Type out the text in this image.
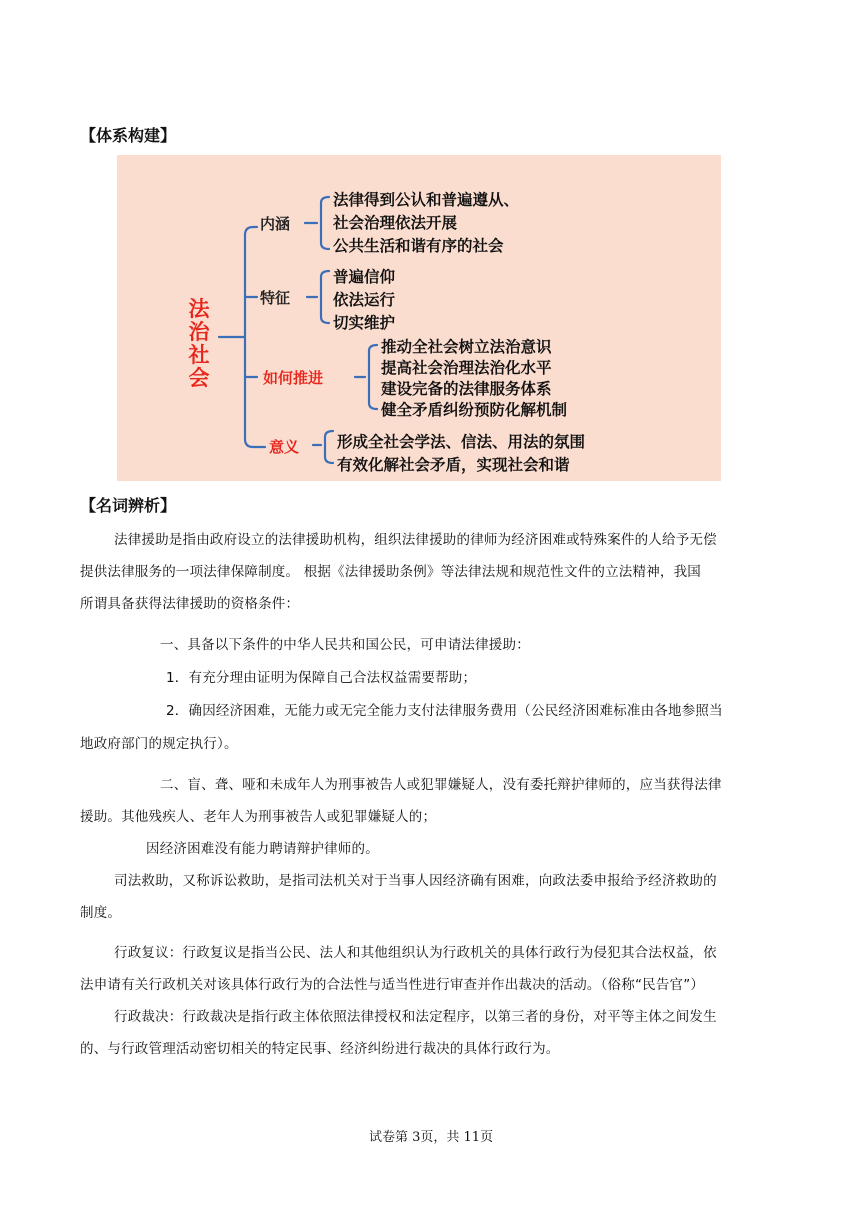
【体系构建】
法
治
社
会
内涵
法律得到公认和普遍遵从、
社会治理依法开展
公共生活和谐有序的社会
特征
普遍信仰
依法运行
切实维护
如何推进
推动全社会树立法治意识
提高社会治理法治化水平
建设完备的法律服务体系
健全矛盾纠纷预防化解机制
意义 形成全社会学法、信法、用法的氛围
有效化解社会矛盾，实现社会和谐
【名词辨析】
法律援助是指由政府设立的法律援助机构，组织法律援助的律师为经济困难或特殊案件的人给予无偿
提供法律服务的一项法律保障制度。 根据《法律援助条例》等法律法规和规范性文件的立法精神，我国
所谓具备获得法律援助的资格条件：
一、具备以下条件的中华人民共和国公民，可申请法律援助：
1．有充分理由证明为保障自己合法权益需要帮助；
2．确因经济困难，无能力或无完全能力支付法律服务费用（公民经济困难标准由各地参照当
地政府部门的规定执行）。
二、盲、聋、哑和未成年人为刑事被告人或犯罪嫌疑人，没有委托辩护律师的，应当获得法律
援助。其他残疾人、老年人为刑事被告人或犯罪嫌疑人的；
因经济困难没有能力聘请辩护律师的。
司法救助，又称诉讼救助，是指司法机关对于当事人因经济确有困难，向政法委申报给予经济救助的
制度。
行政复议：行政复议是指当公民、法人和其他组织认为行政机关的具体行政行为侵犯其合法权益，依
法申请有关行政机关对该具体行政行为的合法性与适当性进行审查并作出裁决的活动。（俗称“民告官”）
行政裁决：行政裁决是指行政主体依照法律授权和法定程序，以第三者的身份，对平等主体之间发生
的、与行政管理活动密切相关的特定民事、经济纠纷进行裁决的具体行政行为。
试卷第 3页，共 11页
